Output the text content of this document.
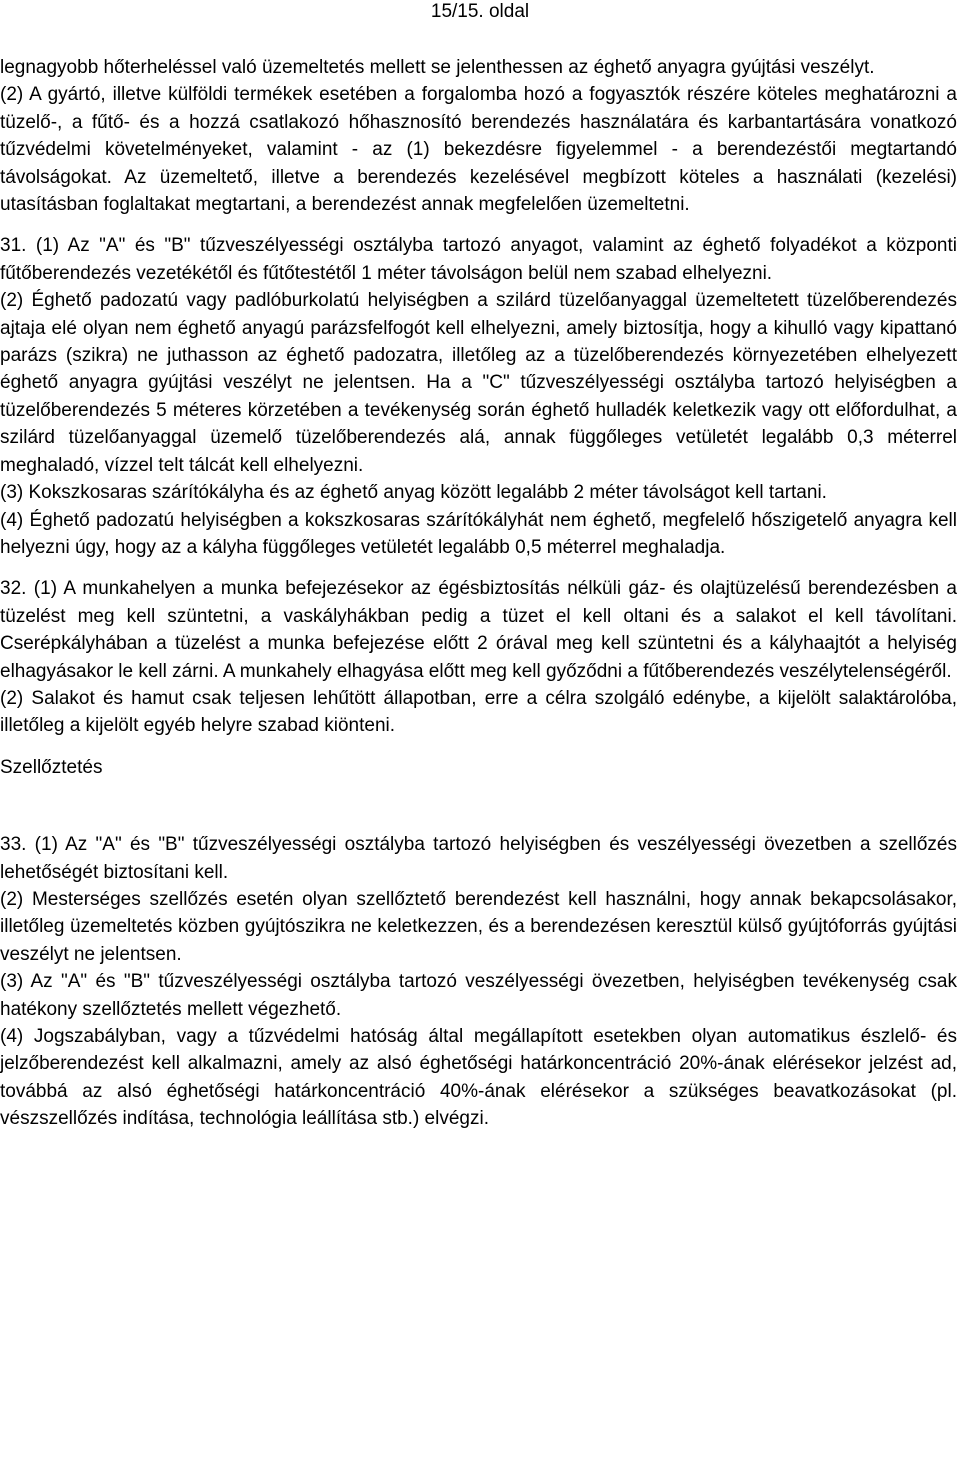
15/15. oldal

legnagyobb hőterheléssel való üzemeltetés mellett se jelenthessen az éghető anyagra gyújtási veszélyt.

(2) A gyártó, illetve külföldi termékek esetében a forgalomba hozó a fogyasztók részére köteles meghatározni a tüzelő-, a fűtő- és a hozzá csatlakozó hőhasznosító berendezés használatára és karbantartására vonatkozó tűzvédelmi követelményeket, valamint - az (1) bekezdésre figyelemmel - a berendezéstői megtartandó távolságokat. Az üzemeltető, illetve a berendezés kezelésével megbízott köteles a használati (kezelési) utasításban foglaltakat megtartani, a berendezést annak megfelelően üzemeltetni.

31. (1) Az "A" és "B" tűzveszélyességi osztályba tartozó anyagot, valamint az éghető folyadékot a központi fűtőberendezés vezetékétől és fűtőtestétől 1 méter távolságon belül nem szabad elhelyezni.

(2) Éghető padozatú vagy padlóburkolatú helyiségben a szilárd tüzelőanyaggal üzemeltetett tüzelőberendezés ajtaja elé olyan nem éghető anyagú parázsfelfogót kell elhelyezni, amely biztosítja, hogy a kihulló vagy kipattanó parázs (szikra) ne juthasson az éghető padozatra, illetőleg az a tüzelőberendezés környezetében elhelyezett éghető anyagra gyújtási veszélyt ne jelentsen. Ha a "C" tűzveszélyességi osztályba tartozó helyiségben a tüzelőberendezés 5 méteres körzetében a tevékenység során éghető hulladék keletkezik vagy ott előfordulhat, a szilárd tüzelőanyaggal üzemelő tüzelőberendezés alá, annak függőleges vetületét legalább 0,3 méterrel meghaladó, vízzel telt tálcát kell elhelyezni.

(3) Kokszkosaras szárítókályha és az éghető anyag között legalább 2 méter távolságot kell tartani.

(4) Éghető padozatú helyiségben a kokszkosaras szárítókályhát nem éghető, megfelelő hőszigetelő anyagra kell helyezni úgy, hogy az a kályha függőleges vetületét legalább 0,5 méterrel meghaladja.

32. (1) A munkahelyen a munka befejezésekor az égésbiztosítás nélküli gáz- és olajtüzelésű berendezésben a tüzelést meg kell szüntetni, a vaskályhákban pedig a tüzet el kell oltani és a salakot el kell távolítani. Cserépkályhában a tüzelést a munka befejezése előtt 2 órával meg kell szüntetni és a kályhaajtót a helyiség elhagyásakor le kell zárni. A munkahely elhagyása előtt meg kell győződni a fűtőberendezés veszélytelenségéről.

(2) Salakot és hamut csak teljesen lehűtött állapotban, erre a célra szolgáló edénybe, a kijelölt salaktárolóba, illetőleg a kijelölt egyéb helyre szabad kiönteni.

Szellőztetés

33. (1) Az "A" és "B" tűzveszélyességi osztályba tartozó helyiségben és veszélyességi övezetben a szellőzés lehetőségét biztosítani kell.

(2) Mesterséges szellőzés esetén olyan szellőztető berendezést kell használni, hogy annak bekapcsolásakor, illetőleg üzemeltetés közben gyújtószikra ne keletkezzen, és a berendezésen keresztül külső gyújtóforrás gyújtási veszélyt ne jelentsen.

(3) Az "A" és "B" tűzveszélyességi osztályba tartozó veszélyességi övezetben, helyiségben tevékenység csak hatékony szellőztetés mellett végezhető.

(4) Jogszabályban, vagy a tűzvédelmi hatóság által megállapított esetekben olyan automatikus észlelő- és jelzőberendezést kell alkalmazni, amely az alsó éghetőségi határkoncentráció 20%-ának elérésekor jelzést ad, továbbá az alsó éghetőségi határkoncentráció 40%-ának elérésekor a szükséges beavatkozásokat (pl. vészszellőzés indítása, technológia leállítása stb.) elvégzi.
